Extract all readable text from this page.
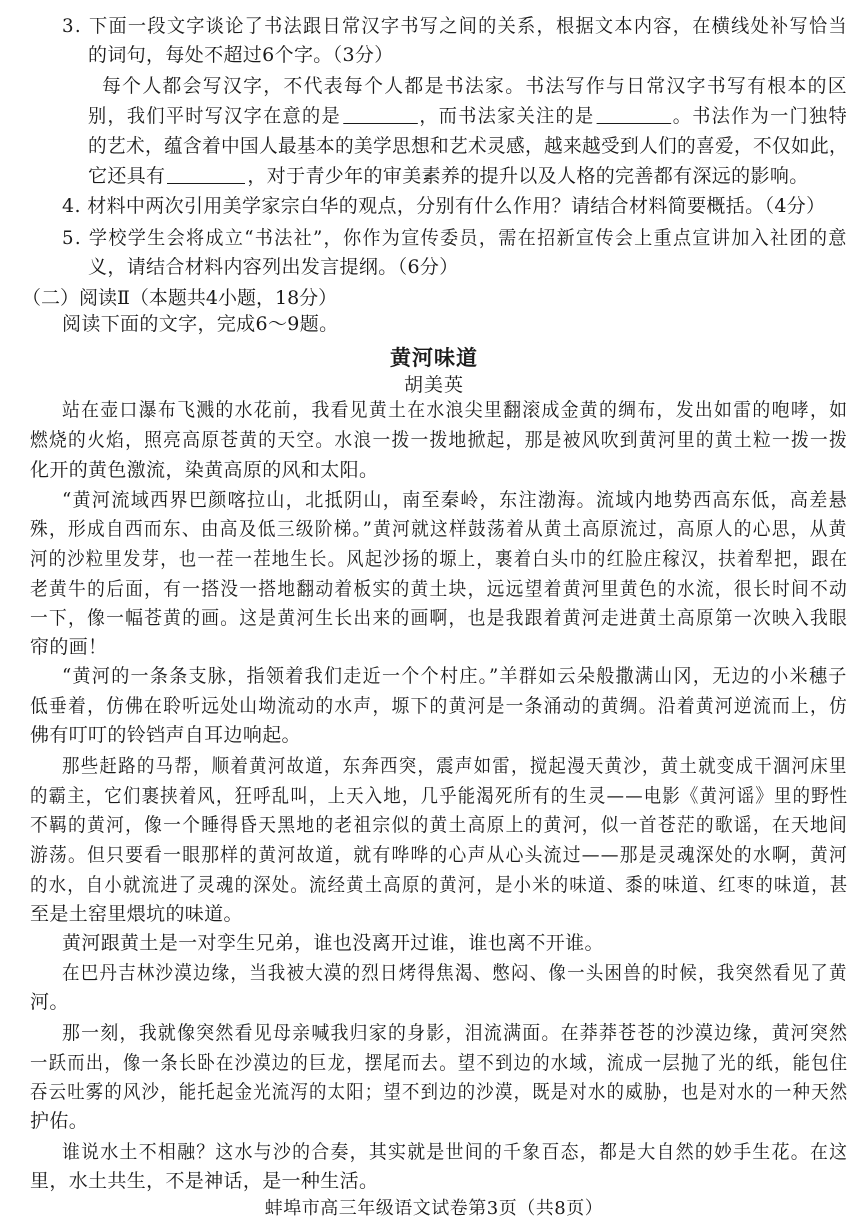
3. 下面一段文字谈论了书法跟日常汉字书写之间的关系，根据文本内容，在横线处补写恰当
的词句，每处不超过6个字。（3分）
每个人都会写汉字，不代表每个人都是书法家。书法写作与日常汉字书写有根本的区
别，我们平时写汉字在意的是	，而书法家关注的是	。书法作为一门独特
的艺术，蕴含着中国人最基本的美学思想和艺术灵感，越来越受到人们的喜爱，不仅如此，
它还具有	，对于青少年的审美素养的提升以及人格的完善都有深远的影响。
4. 材料中两次引用美学家宗白华的观点，分别有什么作用？请结合材料简要概括。（4分）
5. 学校学生会将成立“书法社”，你作为宣传委员，需在招新宣传会上重点宣讲加入社团的意
义，请结合材料内容列出发言提纲。（6分）
（二）阅读Ⅱ（本题共4小题，18分）
阅读下面的文字，完成6～9题。
黄河味道
胡美英
站在壶口瀑布飞溅的水花前，我看见黄土在水浪尖里翻滚成金黄的绸布，发出如雷的咆哮，如
燃烧的火焰，照亮高原苍黄的天空。水浪一拨一拨地掀起，那是被风吹到黄河里的黄土粒一拨一拨
化开的黄色激流，染黄高原的风和太阳。
“黄河流域西界巴颜喀拉山，北抵阴山，南至秦岭，东注渤海。流域内地势西高东低，高差悬
殊，形成自西而东、由高及低三级阶梯。”黄河就这样鼓荡着从黄土高原流过，高原人的心思，从黄
河的沙粒里发芽，也一茬一茬地生长。风起沙扬的塬上，裹着白头巾的红脸庄稼汉，扶着犁把，跟在
老黄牛的后面，有一搭没一搭地翻动着板实的黄土块，远远望着黄河里黄色的水流，很长时间不动
一下，像一幅苍黄的画。这是黄河生长出来的画啊，也是我跟着黄河走进黄土高原第一次映入我眼
帘的画！
“黄河的一条条支脉，指领着我们走近一个个村庄。”羊群如云朵般撒满山冈，无边的小米穗子
低垂着，仿佛在聆听远处山坳流动的水声，塬下的黄河是一条涌动的黄绸。沿着黄河逆流而上，仿
佛有叮叮的铃铛声自耳边响起。
那些赶路的马帮，顺着黄河故道，东奔西突，震声如雷，搅起漫天黄沙，黄土就变成干涸河床里
的霸主，它们裹挟着风，狂呼乱叫，上天入地，几乎能渴死所有的生灵——电影《黄河谣》里的野性
不羁的黄河，像一个睡得昏天黑地的老祖宗似的黄土高原上的黄河，似一首苍茫的歌谣，在天地间
游荡。但只要看一眼那样的黄河故道，就有哗哗的心声从心头流过——那是灵魂深处的水啊，黄河
的水，自小就流进了灵魂的深处。流经黄土高原的黄河，是小米的味道、黍的味道、红枣的味道，甚
至是土窑里煨坑的味道。
黄河跟黄土是一对孪生兄弟，谁也没离开过谁，谁也离不开谁。
在巴丹吉林沙漠边缘，当我被大漠的烈日烤得焦渴、憋闷、像一头困兽的时候，我突然看见了黄
河。
那一刻，我就像突然看见母亲喊我归家的身影，泪流满面。在莽莽苍苍的沙漠边缘，黄河突然
一跃而出，像一条长卧在沙漠边的巨龙，摆尾而去。望不到边的水域，流成一层抛了光的纸，能包住
吞云吐雾的风沙，能托起金光流泻的太阳；望不到边的沙漠，既是对水的威胁，也是对水的一种天然
护佑。
谁说水土不相融？这水与沙的合奏，其实就是世间的千象百态，都是大自然的妙手生花。在这
里，水土共生，不是神话，是一种生活。
蚌埠市高三年级语文试卷第3页（共8页）
